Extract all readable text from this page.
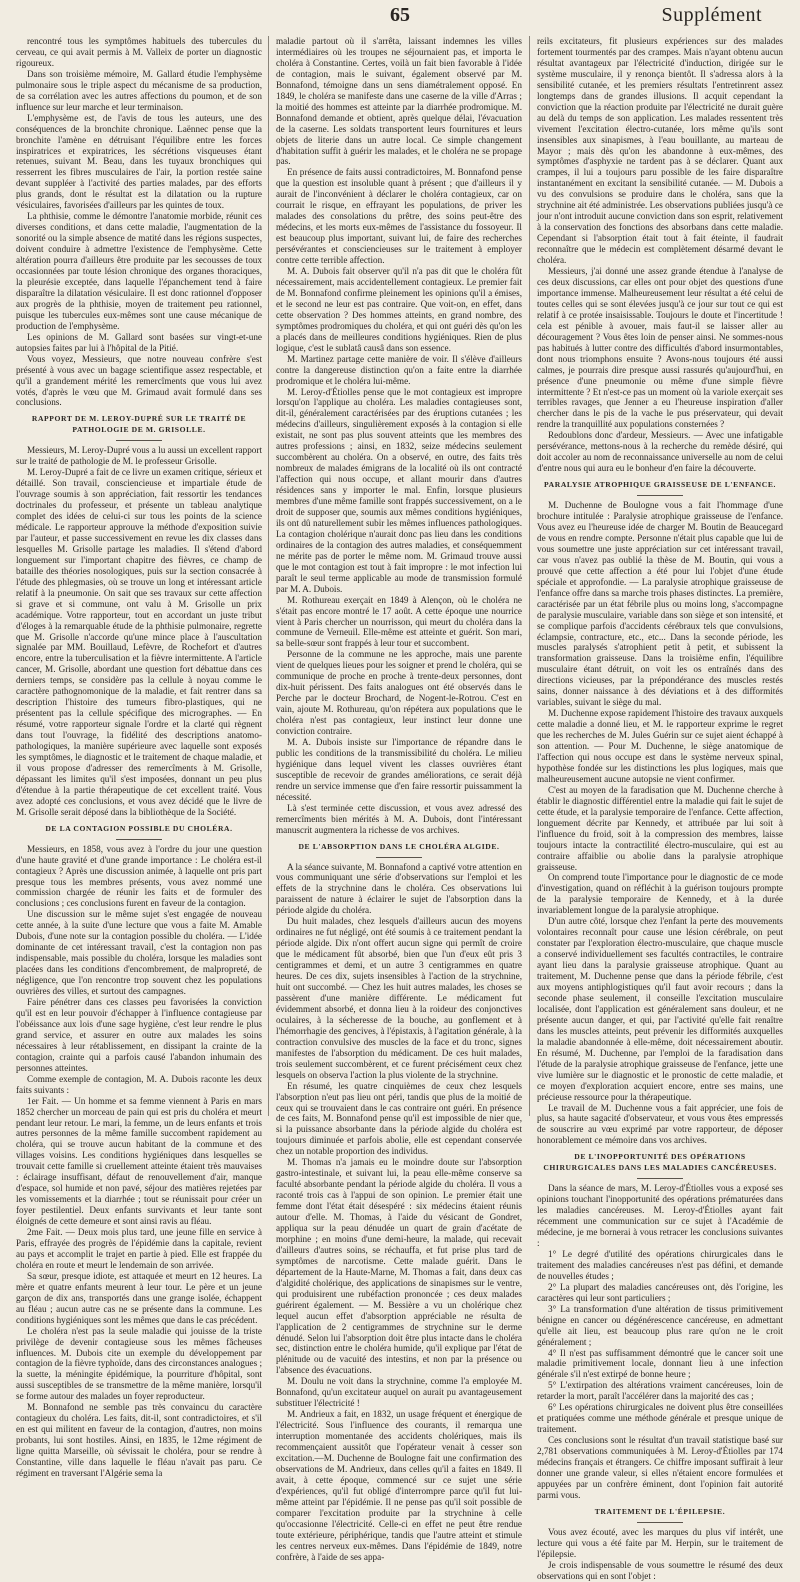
65	Supplément

rencontré tous les symptômes habituels des tubercules du cerveau, ce qui avait permis à M. Valleix de porter un diagnostic rigoureux.

Dans son troisième mémoire, M. Gallard étudie l'emphysème pulmonaire sous le triple aspect du mécanisme de sa production, de sa corrélation avec les autres affections du poumon, et de son influence sur leur marche et leur terminaison.

L'emphysème est, de l'avis de tous les auteurs, une des conséquences de la bronchite chronique. Laënnec pense que la bronchite l'amène en détruisant l'équilibre entre les forces inspiratrices et expiratrices, les sécrétions visqueuses étant retenues, suivant M. Beau, dans les tuyaux bronchiques qui resserrent les fibres musculaires de l'air, la portion restée saine devant suppléer à l'activité des parties malades, par des efforts plus grands, dont le résultat est la dilatation ou la rupture vésiculaires, favorisées d'ailleurs par les quintes de toux.

La phthisie, comme le démontre l'anatomie morbide, réunit ces diverses conditions, et dans cette maladie, l'augmentation de la sonorité ou la simple absence de matité dans les régions suspectes, doivent conduire à admettre l'existence de l'emphysème. Cette altération pourra d'ailleurs être produite par les secousses de toux occasionnées par toute lésion chronique des organes thoraciques, la pleurésie exceptée, dans laquelle l'épanchement tend à faire disparaître la dilatation vésiculaire. Il est donc rationnel d'opposer aux progrès de la phthisie, moyen de traitement peu rationnel, puisque les tubercules eux-mêmes sont une cause mécanique de production de l'emphysème.

Les opinions de M. Gallard sont basées sur vingt-et-une autopsies faites par lui à l'hôpital de la Pitié.

Vous voyez, Messieurs, que notre nouveau confrère s'est présenté à vous avec un bagage scientifique assez respectable, et qu'il a grandement mérité les remercîments que vous lui avez votés, d'après le vœu que M. Grimaud avait formulé dans ses conclusions.

RAPPORT DE M. LEROY-DUPRÉ SUR LE TRAITÉ DE PATHOLOGIE DE M. GRISOLLE.

Messieurs, M. Leroy-Dupré vous a lu aussi un excellent rapport sur le traité de pathologie de M. le professeur Grisolle.

M. Leroy-Dupré a fait de ce livre un examen critique, sérieux et détaillé. Son travail, consciencieuse et impartiale étude de l'ouvrage soumis à son appréciation, fait ressortir les tendances doctrinales du professeur, et présente un tableau analytique complet des idées de celui-ci sur tous les points de la science médicale. Le rapporteur approuve la méthode d'exposition suivie par l'auteur, et passe successivement en revue les dix classes dans lesquelles M. Grisolle partage les maladies. Il s'étend d'abord longuement sur l'important chapitre des fièvres, ce champ de bataille des théories nosologiques, puis sur la section consacrée à l'étude des phlegmasies, où se trouve un long et intéressant article relatif à la pneumonie. On sait que ses travaux sur cette affection si grave et si commune, ont valu à M. Grisolle un prix académique. Votre rapporteur, tout en accordant un juste tribut d'éloges à la remarquable étude de la phthisie pulmonaire, regrette que M. Grisolle n'accorde qu'une mince place à l'auscultation signalée par MM. Bouillaud, Lefèvre, de Rochefort et d'autres encore, entre la tuberculisation et la fièvre intermittente. A l'article cancer, M. Grisolle, abordant une question fort débattue dans ces derniers temps, se considère pas la cellule à noyau comme le caractère pathognomonique de la maladie, et fait rentrer dans sa description l'histoire des tumeurs fibro-plastiques, qui ne présentent pas la cellule spécifique des micrographes. — En résumé, votre rapporteur signale l'ordre et la clarté qui règnent dans tout l'ouvrage, la fidélité des descriptions anatomo-pathologiques, la manière supérieure avec laquelle sont exposés les symptômes, le diagnostic et le traitement de chaque maladie, et il vous propose d'adresser des remercîments à M. Grisolle, dépassant les limites qu'il s'est imposées, donnant un peu plus d'étendue à la partie thérapeutique de cet excellent traité. Vous avez adopté ces conclusions, et vous avez décidé que le livre de M. Grisolle serait déposé dans la bibliothèque de la Société.

DE LA CONTAGION POSSIBLE DU CHOLÉRA.

Messieurs, en 1858, vous avez à l'ordre du jour une question d'une haute gravité et d'une grande importance : Le choléra est-il contagieux ? Après une discussion animée, à laquelle ont pris part presque tous les membres présents, vous avez nommé une commission chargée de réunir les faits et de formuler des conclusions ; ces conclusions furent en faveur de la contagion.

Une discussion sur le même sujet s'est engagée de nouveau cette année, à la suite d'une lecture que vous a faite M. Amable Dubois, d'une note sur la contagion possible du choléra. — L'idée dominante de cet intéressant travail, c'est la contagion non pas indispensable, mais possible du choléra, lorsque les maladies sont placées dans les conditions d'encombrement, de malpropreté, de négligence, que l'on rencontre trop souvent chez les populations ouvrières des villes, et surtout des campagnes.

Faire pénétrer dans ces classes peu favorisées la conviction qu'il est en leur pouvoir d'échapper à l'influence contagieuse par l'obéissance aux lois d'une sage hygiène, c'est leur rendre le plus grand service, et assurer en outre aux malades les soins nécessaires à leur rétablissement, en dissipant la crainte de la contagion, crainte qui a parfois causé l'abandon inhumain des personnes atteintes.

Comme exemple de contagion, M. A. Dubois raconte les deux faits suivants :

1er Fait. — Un homme et sa femme viennent à Paris en mars 1852 chercher un morceau de pain qui est pris du choléra et meurt pendant leur retour. Le mari, la femme, un de leurs enfants et trois autres personnes de la même famille succombent rapidement au choléra, qui se trouve aucun habitant de la commune et des villages voisins. Les conditions hygiéniques dans lesquelles se trouvait cette famille si cruellement atteinte étaient très mauvaises : éclairage insuffisant, défaut de renouvellement d'air, manque d'espace, sol humide et non pavé, séjour des matières rejetées par les vomissements et la diarrhée ; tout se réunissait pour créer un foyer pestilentiel. Deux enfants survivants et leur tante sont éloignés de cette demeure et sont ainsi ravis au fléau.

2me Fait. — Deux mois plus tard, une jeune fille en service à Paris, effrayée des progrès de l'épidémie dans la capitale, revient au pays et accomplit le trajet en partie à pied. Elle est frappée du choléra en route et meurt le lendemain de son arrivée.

Sa sœur, presque idiote, est attaquée et meurt en 12 heures. La mère et quatre enfants meurent à leur tour. Le père et un jeune garçon de dix ans, transportés dans une grange isolée, échappent au fléau ; aucun autre cas ne se présente dans la commune. Les conditions hygiéniques sont les mêmes que dans le cas précédent.

Le choléra n'est pas la seule maladie qui jouisse de la triste privilège de devenir contagieuse sous les mêmes fâcheuses influences. M. Dubois cite un exemple du développement par contagion de la fièvre typhoïde, dans des circonstances analogues ; la suette, la méningite épidémique, la pourriture d'hôpital, sont aussi susceptibles de se transmettre de la même manière, lorsqu'il se forme autour des malades un foyer reproducteur.

M. Bonnafond ne semble pas très convaincu du caractère contagieux du choléra. Les faits, dit-il, sont contradictoires, et s'il en est qui militent en faveur de la contagion, d'autres, non moins probants, lui sont hostiles. Ainsi, en 1835, le 12me régiment de ligne quitta Marseille, où sévissait le choléra, pour se rendre à Constantine, ville dans laquelle le fléau n'avait pas paru. Ce régiment en traversant l'Algérie sema la

maladie partout où il s'arrêta, laissant indemnes les villes intermédiaires où les troupes ne séjournaient pas, et importa le choléra à Constantine. Certes, voilà un fait bien favorable à l'idée de contagion, mais le suivant, également observé par M. Bonnafond, témoigne dans un sens diamétralement opposé. En 1849, le choléra se manifeste dans une caserne de la ville d'Arras ; la moitié des hommes est atteinte par la diarrhée prodromique. M. Bonnafond demande et obtient, après quelque délai, l'évacuation de la caserne. Les soldats transportent leurs fournitures et leurs objets de literie dans un autre local. Ce simple changement d'habitation suffit à guérir les malades, et le choléra ne se propage pas.

En présence de faits aussi contradictoires, M. Bonnafond pense que la question est insoluble quant à présent ; que d'ailleurs il y aurait de l'inconvénient à déclarer le choléra contagieux, car on courrait le risque, en effrayant les populations, de priver les malades des consolations du prêtre, des soins peut-être des médecins, et les morts eux-mêmes de l'assistance du fossoyeur. Il est beaucoup plus important, suivant lui, de faire des recherches persévérantes et consciencieuses sur le traitement à employer contre cette terrible affection.

M. A. Dubois fait observer qu'il n'a pas dit que le choléra fût nécessairement, mais accidentellement contagieux. Le premier fait de M. Bonnafond confirme pleinement les opinions qu'il a émises, et le second ne leur est pas contraire. Que voit-on, en effet, dans cette observation ? Des hommes atteints, en grand nombre, des symptômes prodromiques du choléra, et qui ont guéri dès qu'on les a placés dans de meilleures conditions hygiéniques. Rien de plus logique, c'est le sublatâ causâ dans son essence.

M. Martinez partage cette manière de voir. Il s'élève d'ailleurs contre la dangereuse distinction qu'on a faite entre la diarrhée prodromique et le choléra lui-même.

M. Leroy-d'Étiolles pense que le mot contagieux est impropre lorsqu'on l'applique au choléra. Les maladies contagieuses sont, dit-il, généralement caractérisées par des éruptions cutanées ; les médecins d'ailleurs, singulièrement exposés à la contagion si elle existait, ne sont pas plus souvent atteints que les membres des autres professions ; ainsi, en 1832, seize médecins seulement succombèrent au choléra. On a observé, en outre, des faits très nombreux de malades émigrans de la localité où ils ont contracté l'affection qui nous occupe, et allant mourir dans d'autres résidences sans y importer le mal. Enfin, lorsque plusieurs membres d'une même famille sont frappés successivement, on a le droit de supposer que, soumis aux mêmes conditions hygiéniques, ils ont dû naturellement subir les mêmes influences pathologiques. La contagion cholérique n'aurait donc pas lieu dans les conditions ordinaires de la contagion des autres maladies, et conséquemment ne mérite pas de porter le même nom. M. Grimaud trouve aussi que le mot contagion est tout à fait impropre : le mot infection lui paraît le seul terme applicable au mode de transmission formulé par M. A. Dubois.

M. Rothureau exerçait en 1849 à Alençon, où le choléra ne s'était pas encore montré le 17 août. A cette époque une nourrice vient à Paris chercher un nourrisson, qui meurt du choléra dans la commune de Verneuil. Elle-même est atteinte et guérit. Son mari, sa belle-sœur sont frappés à leur tour et succombent.

Personne de la commune ne les approche, mais une parente vient de quelques lieues pour les soigner et prend le choléra, qui se communique de proche en proche à trente-deux personnes, dont dix-huit périssent. Des faits analogues ont été observés dans le Perche par le docteur Brochard, de Nogent-le-Rotrou. C'est en vain, ajoute M. Rothureau, qu'on répétera aux populations que le choléra n'est pas contagieux, leur instinct leur donne une conviction contraire.

M. A. Dubois insiste sur l'importance de répandre dans le public les conditions de la transmissibilité du choléra. Le milieu hygiénique dans lequel vivent les classes ouvrières étant susceptible de recevoir de grandes améliorations, ce serait déjà rendre un service immense que d'en faire ressortir puissamment la nécessité.

Là s'est terminée cette discussion, et vous avez adressé des remercîments bien mérités à M. A. Dubois, dont l'intéressant manuscrit augmentera la richesse de vos archives.

DE L'ABSORPTION DANS LE CHOLÉRA ALGIDE.

A la séance suivante, M. Bonnafond a captivé votre attention en vous communiquant une série d'observations sur l'emploi et les effets de la strychnine dans le choléra. Ces observations lui paraissent de nature à éclairer le sujet de l'absorption dans la période algide du choléra.

Du huit malades, chez lesquels d'ailleurs aucun des moyens ordinaires ne fut négligé, ont été soumis à ce traitement pendant la période algide. Dix n'ont offert aucun signe qui permît de croire que le médicament fût absorbé, bien que l'un d'eux eût pris 3 centigrammes et demi, et un autre 3 centigrammes en quatre heures. De ces dix, sujets insensibles à l'action de la strychnine, huit ont succombé. — Chez les huit autres malades, les choses se passèrent d'une manière différente. Le médicament fut évidemment absorbé, et donna lieu à la roideur des conjonctives oculaires, à la sécheresse de la bouche, au gonflement et à l'hémorrhagie des gencives, à l'épistaxis, à l'agitation générale, à la contraction convulsive des muscles de la face et du tronc, signes manifestes de l'absorption du médicament. De ces huit malades, trois seulement succombèrent, et ce furent précisément ceux chez lesquels on observa l'action la plus violente de la strychnine.

En résumé, les quatre cinquièmes de ceux chez lesquels l'absorption n'eut pas lieu ont péri, tandis que plus de la moitié de ceux qui se trouvaient dans le cas contraire ont guéri. En présence de ces faits, M. Bonnafond pense qu'il est impossible de nier que, si la puissance absorbante dans la période algide du choléra est toujours diminuée et parfois abolie, elle est cependant conservée chez un notable proportion des individus.

M. Thomas n'a jamais eu le moindre doute sur l'absorption gastro-intestinale, et suivant lui, la peau elle-même conserve sa faculté absorbante pendant la période algide du choléra. Il vous a raconté trois cas à l'appui de son opinion. Le premier était une femme dont l'état était désespéré : six médecins étaient réunis autour d'elle. M. Thomas, à l'aide du vésicant de Gondret, appliqua sur la peau dénudée un quart de grain d'acétate de morphine ; en moins d'une demi-heure, la malade, qui recevait d'ailleurs d'autres soins, se réchauffa, et fut prise plus tard de symptômes de narcotisme. Cette malade guérit. Dans le département de la Haute-Marne, M. Thomas a fait, dans deux cas d'algidité cholérique, des applications de sinapismes sur le ventre, qui produisirent une rubéfaction prononcée ; ces deux malades guérirent également. — M. Bessière a vu un cholérique chez lequel aucun effet d'absorption appréciable ne résulta de l'application de 2 centigrammes de strychnine sur le derme dénudé. Selon lui l'absorption doit être plus intacte dans le choléra sec, distinction entre le choléra humide, qu'il explique par l'état de plénitude ou de vacuité des intestins, et non par la présence ou l'absence des évacuations.

M. Doulu ne voit dans la strychnine, comme l'a employée M. Bonnafond, qu'un excitateur auquel on aurait pu avantageusement substituer l'électricité !

M. Andrieux a fait, en 1832, un usage fréquent et énergique de l'électricité. Sous l'influence des courants, il remarqua une interruption momentanée des accidents cholériques, mais ils recommençaient aussitôt que l'opérateur venait à cesser son excitation.—M. Duchenne de Boulogne fait une confirmation des observations de M. Andrieux, dans celles qu'il a faites en 1849. Il avait, à cette époque, commencé sur ce sujet une série d'expériences, qu'il fut obligé d'interrompre parce qu'il fut lui-même atteint par l'épidémie. Il ne pense pas qu'il soit possible de comparer l'excitation produite par la strychnine à celle qu'occasionne l'électricité. Celle-ci en effet ne peut être rendue toute extérieure, périphérique, tandis que l'autre atteint et stimule les centres nerveux eux-mêmes. Dans l'épidémie de 1849, notre confrère, à l'aide de ses appa-

reils excitateurs, fit plusieurs expériences sur des malades fortement tourmentés par des crampes. Mais n'ayant obtenu aucun résultat avantageux par l'électricité d'induction, dirigée sur le système musculaire, il y renonça bientôt. Il s'adressa alors à la sensibilité cutanée, et les premiers résultats l'entretinrent assez longtemps dans de grandes illusions. Il acquit cependant la conviction que la réaction produite par l'électricité ne durait guère au delà du temps de son application. Les malades ressentent très vivement l'excitation électro-cutanée, lors même qu'ils sont insensibles aux sinapismes, à l'eau bouillante, au marteau de Mayor ; mais dès qu'on les abandonne à eux-mêmes, des symptômes d'asphyxie ne tardent pas à se déclarer. Quant aux crampes, il lui a toujours paru possible de les faire disparaître instantanément en excitant la sensibilité cutanée. — M. Dubois a vu des convulsions se produire dans le choléra, sans que la strychnine ait été administrée. Les observations publiées jusqu'à ce jour n'ont introduit aucune conviction dans son esprit, relativement à la conservation des fonctions des absorbans dans cette maladie. Cependant si l'absorption était tout à fait éteinte, il faudrait reconnaître que le médecin est complètement désarmé devant le choléra.

Messieurs, j'ai donné une assez grande étendue à l'analyse de ces deux discussions, car elles ont pour objet des questions d'une importance immense. Malheureusement leur résultat a été celui de toutes celles qui se sont élevées jusqu'à ce jour sur tout ce qui est relatif à ce protée insaisissable. Toujours le doute et l'incertitude ! cela est pénible à avouer, mais faut-il se laisser aller au découragement ? Vous êtes loin de penser ainsi. Ne sommes-nous pas habitués à lutter contre des difficultés d'abord insurmontables, dont nous triomphons ensuite ? Avons-nous toujours été aussi calmes, je pourrais dire presque aussi rassurés qu'aujourd'hui, en présence d'une pneumonie ou même d'une simple fièvre intermittente ? Et n'est-ce pas un moment où la variole exerçait ses terribles ravages, que Jenner a eu l'heureuse inspiration d'aller chercher dans le pis de la vache le pus préservateur, qui devait rendre la tranquillité aux populations consternées ?

Redoublons donc d'ardeur, Messieurs. — Avec une infatigable persévérance, mettons-nous à la recherche du remède désiré, qui doit accoler au nom de reconnaissance universelle au nom de celui d'entre nous qui aura eu le bonheur d'en faire la découverte.

PARALYSIE ATROPHIQUE GRAISSEUSE DE L'ENFANCE.

M. Duchenne de Boulogne vous a fait l'hommage d'une brochure intitulée : Paralysie atrophique graisseuse de l'enfance. Vous avez eu l'heureuse idée de charger M. Boutin de Beaucegard de vous en rendre compte. Personne n'était plus capable que lui de vous soumettre une juste appréciation sur cet intéressant travail, car vous n'avez pas oublié la thèse de M. Boutin, qui vous a prouvé que cette affection a été pour lui l'objet d'une étude spéciale et approfondie. — La paralysie atrophique graisseuse de l'enfance offre dans sa marche trois phases distinctes. La première, caractérisée par un état fébrile plus ou moins long, s'accompagne de paralysie musculaire, variable dans son siège et son intensité, et se complique parfois d'accidents cérébraux tels que convulsions, éclampsie, contracture, etc., etc... Dans la seconde période, les muscles paralysés s'atrophient petit à petit, et subissent la transformation graisseuse. Dans la troisième enfin, l'équilibre musculaire étant détruit, on voit les os entraînés dans des directions vicieuses, par la prépondérance des muscles restés sains, donner naissance à des déviations et à des difformités variables, suivant le siège du mal.

M. Duchenne expose rapidement l'histoire des travaux auxquels cette maladie a donné lieu, et M. le rapporteur exprime le regret que les recherches de M. Jules Guérin sur ce sujet aient échappé à son attention. — Pour M. Duchenne, le siège anatomique de l'affection qui nous occupe est dans le système nerveux spinal, hypothèse fondée sur les distinctions les plus logiques, mais que malheureusement aucune autopsie ne vient confirmer.

C'est au moyen de la faradisation que M. Duchenne cherche à établir le diagnostic différentiel entre la maladie qui fait le sujet de cette étude, et la paralysie temporaire de l'enfance. Cette affection, longuement décrite par Kennedy, et attribuée par lui soit à l'influence du froid, soit à la compression des membres, laisse toujours intacte la contractilité électro-musculaire, qui est au contraire affaiblie ou abolie dans la paralysie atrophique graisseuse.

On comprend toute l'importance pour le diagnostic de ce mode d'investigation, quand on réfléchit à la guérison toujours prompte de la paralysie temporaire de Kennedy, et à la durée invariablement longue de la paralysie atrophique.

D'un autre côté, lorsque chez l'enfant la perte des mouvements volontaires reconnaît pour cause une lésion cérébrale, on peut constater par l'exploration électro-musculaire, que chaque muscle a conservé individuellement ses facultés contractiles, le contraire ayant lieu dans la paralysie graisseuse atrophique. Quant au traitement, M. Duchenne pense que dans la période fébrile, c'est aux moyens antiphlogistiques qu'il faut avoir recours ; dans la seconde phase seulement, il conseille l'excitation musculaire localisée, dont l'application est généralement sans douleur, et ne présente aucun danger, et qui, par l'activité qu'elle fait renaître dans les muscles atteints, peut prévenir les difformités auxquelles la maladie abandonnée à elle-même, doit nécessairement aboutir. En résumé, M. Duchenne, par l'emploi de la faradisation dans l'étude de la paralysie atrophique graisseuse de l'enfance, jette une vive lumière sur le diagnostic et le pronostic de cette maladie, et ce moyen d'exploration acquiert encore, entre ses mains, une précieuse ressource pour la thérapeutique.

Le travail de M. Duchenne vous a fait apprécier, une fois de plus, sa haute sagacité d'observateur, et vous vous êtes empressés de souscrire au vœu exprimé par votre rapporteur, de déposer honorablement ce mémoire dans vos archives.

DE L'INOPPORTUNITÉ DES OPÉRATIONS CHIRURGICALES DANS LES MALADIES CANCÉREUSES.

Dans la séance de mars, M. Leroy-d'Étiolles vous a exposé ses opinions touchant l'inopportunité des opérations prématurées dans les maladies cancéreuses. M. Leroy-d'Étiolles ayant fait récemment une communication sur ce sujet à l'Académie de médecine, je me bornerai à vous retracer les conclusions suivantes :

1° Le degré d'utilité des opérations chirurgicales dans le traitement des maladies cancéreuses n'est pas défini, et demande de nouvelles études ;

2° La plupart des maladies cancéreuses ont, dès l'origine, les caractères qui leur sont particuliers ;

3° La transformation d'une altération de tissus primitivement bénigne en cancer ou dégénérescence cancéreuse, en admettant qu'elle ait lieu, est beaucoup plus rare qu'on ne le croit généralement ;

4° Il n'est pas suffisamment démontré que le cancer soit une maladie primitivement locale, donnant lieu à une infection générale s'il n'est extirpé de bonne heure ;

5° L'extirpation des altérations vraiment cancéreuses, loin de retarder la mort, paraît l'accélérer dans la majorité des cas ;

6° Les opérations chirurgicales ne doivent plus être conseillées et pratiquées comme une méthode générale et presque unique de traitement.

Ces conclusions sont le résultat d'un travail statistique basé sur 2,781 observations communiquées à M. Leroy-d'Étiolles par 174 médecins français et étrangers. Ce chiffre imposant suffirait à leur donner une grande valeur, si elles n'étaient encore formulées et appuyées par un confrère éminent, dont l'opinion fait autorité parmi vous.

TRAITEMENT DE L'ÉPILEPSIE.

Vous avez écouté, avec les marques du plus vif intérêt, une lecture qui vous a été faite par M. Herpin, sur le traitement de l'épilepsie.

Je crois indispensable de vous soumettre le résumé des deux observations qui en sont l'objet :
